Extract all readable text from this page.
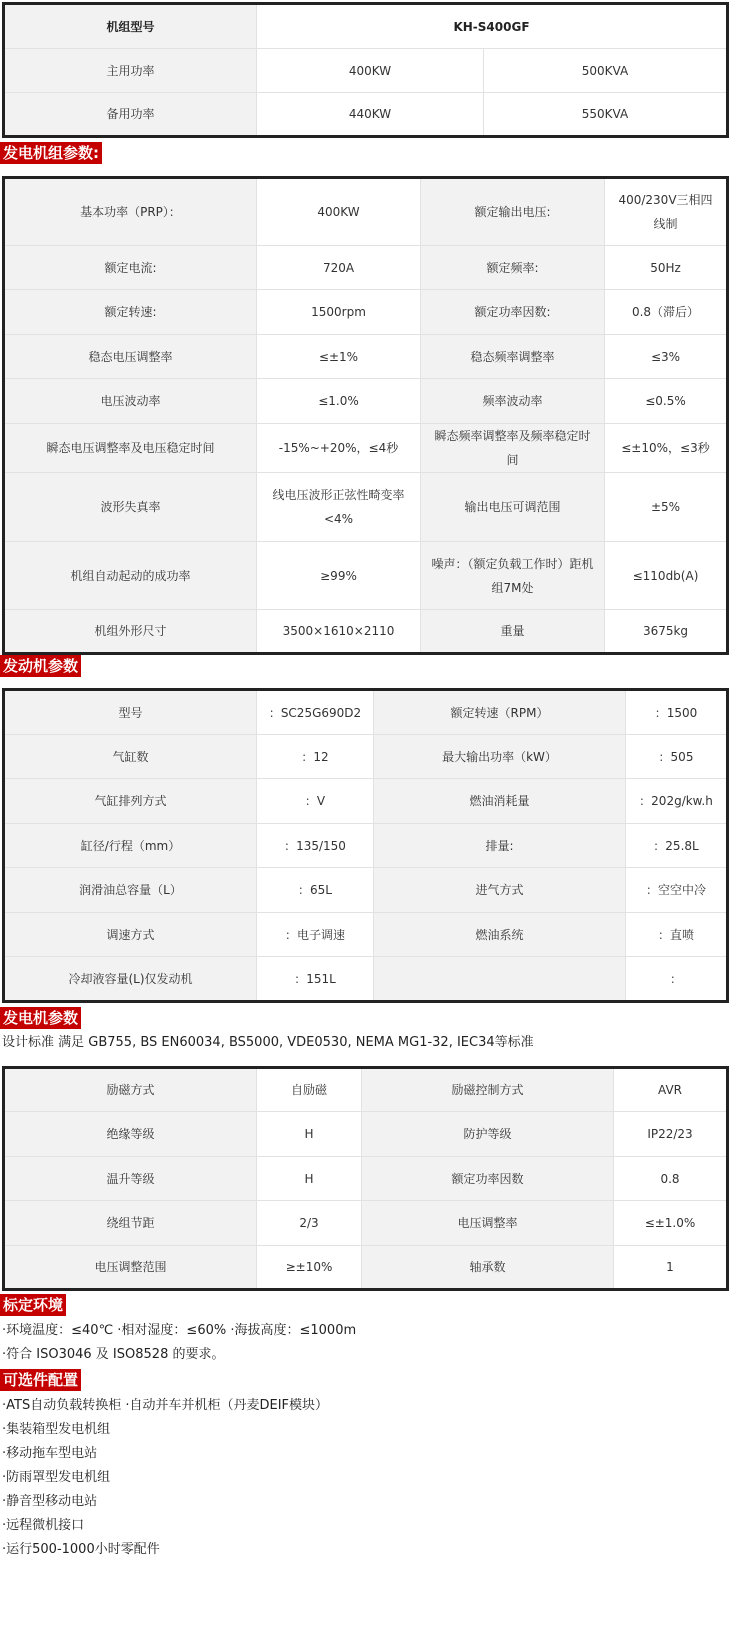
机组型号	KH-S400GF	
主用功率	400KW	500KVA
备用功率	440KW	550KVA
发电机组参数:
基本功率（PRP）：	400KW	额定输出电压:	400/230V三相四线制
额定电流:	720A	额定频率:	50Hz
额定转速:	1500rpm	额定功率因数:	0.8（滞后）
稳态电压调整率	≤±1%	稳态频率调整率	≤3%
电压波动率	≤1.0%	频率波动率	≤0.5%
瞬态电压调整率及电压稳定时间	-15%~+20%，≤4秒	瞬态频率调整率及频率稳定时间	≤±10%，≤3秒
波形失真率	线电压波形正弦性畸变率<4%	输出电压可调范围	±5%
机组自动起动的成功率	≥99%	噪声：（额定负载工作时）距机组7M处	≤110db(A)
机组外形尺寸	3500×1610×2110	重量	3675kg
发动机参数
型号	：SC25G690D2	额定转速（RPM）	：1500
气缸数	：12	最大输出功率（kW）	：505
气缸排列方式	：V	燃油消耗量	：202g/kw.h
缸径/行程（mm）	：135/150	排量:	：25.8L
润滑油总容量（L）	：65L	进气方式	：空空中冷
调速方式	：电子调速	燃油系统	：直喷
冷却液容量(L)仅发动机	：151L		：
发电机参数
设计标准 满足 GB755, BS EN60034, BS5000, VDE0530, NEMA MG1-32, IEC34等标准
励磁方式	自励磁	励磁控制方式	AVR
绝缘等级	H	防护等级	IP22/23
温升等级	H	额定功率因数	0.8
绕组节距	2/3	电压调整率	≤±1.0%
电压调整范围	≥±10%	轴承数	1
标定环境
·环境温度：≤40℃ ·相对湿度：≤60% ·海拔高度：≤1000m
·符合 ISO3046 及 ISO8528 的要求。
可选件配置
·ATS自动负载转换柜 ·自动并车并机柜（丹麦DEIF模块）
·集装箱型发电机组
·移动拖车型电站
·防雨罩型发电机组
·静音型移动电站
·远程微机接口
·运行500-1000小时零配件
